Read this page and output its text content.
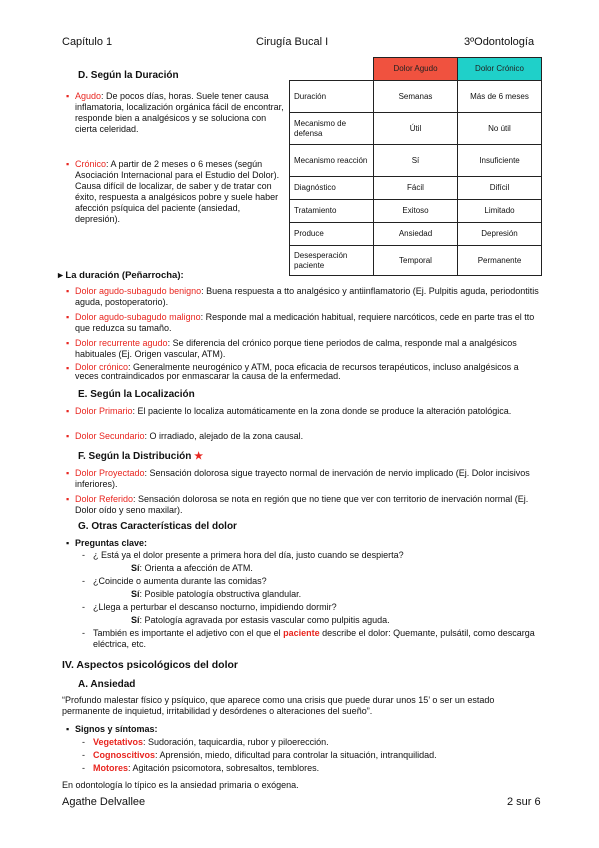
Capítulo 1	Cirugía Bucal I	3ºOdontología
D. Según la Duración
▪ Agudo: De pocos días, horas. Suele tener causa inflamatoria, localización orgánica fácil de encontrar, responde bien a analgésicos y se soluciona con cierta celeridad.
▪ Crónico: A partir de 2 meses o 6 meses (según Asociación Internacional para el Estudio del Dolor). Causa difícil de localizar, de saber y de tratar con éxito, respuesta a analgésicos pobre y suele haber afección psíquica del paciente (ansiedad, depresión).
	Dolor Agudo	Dolor Crónico
Duración	Semanas	Más de 6 meses
Mecanismo de defensa	Útil	No útil
Mecanismo reacción	Sí	Insuficiente
Diagnóstico	Fácil	Difícil
Tratamiento	Exitoso	Limitado
Produce	Ansiedad	Depresión
Desesperación paciente	Temporal	Permanente
▸ La duración (Peñarrocha):
▪ Dolor agudo-subagudo benigno: Buena respuesta a tto analgésico y antiinflamatorio (Ej. Pulpitis aguda, periodontitis aguda, postoperatorio).
▪ Dolor agudo-subagudo maligno: Responde mal a medicación habitual, requiere narcóticos, cede en parte tras el tto que reduzca su tamaño.
▪ Dolor recurrente agudo: Se diferencia del crónico porque tiene periodos de calma, responde mal a analgésicos habituales (Ej. Origen vascular, ATM).
▪ Dolor crónico: Generalmente neurogénico y ATM, poca eficacia de recursos terapéuticos, incluso analgésicos a veces contraindicados por enmascarar la causa de la enfermedad.
E. Según la Localización
▪ Dolor Primario: El paciente lo localiza automáticamente en la zona donde se produce la alteración patológica.
▪ Dolor Secundario: O irradiado, alejado de la zona causal.
F. Según la Distribución ★
▪ Dolor Proyectado: Sensación dolorosa sigue trayecto normal de inervación de nervio implicado (Ej. Dolor incisivos inferiores).
▪ Dolor Referido: Sensación dolorosa se nota en región que no tiene que ver con territorio de inervación normal (Ej. Dolor oído y seno maxilar).
G. Otras Características del dolor
▪ Preguntas clave:
- ¿ Está ya el dolor presente a primera hora del día, justo cuando se despierta?
Sí: Orienta a afección de ATM.
- ¿Coincide o aumenta durante las comidas?
Sí: Posible patología obstructiva glandular.
- ¿Llega a perturbar el descanso nocturno, impidiendo dormir?
Sí: Patología agravada por estasis vascular como pulpitis aguda.
- También es importante el adjetivo con el que el paciente describe el dolor: Quemante, pulsátil, como descarga eléctrica, etc.
IV. Aspectos psicológicos del dolor
A. Ansiedad
“Profundo malestar físico y psíquico, que aparece como una crisis que puede durar unos 15’ o ser un estado permanente de inquietud, irritabilidad y desórdenes o alteraciones del sueño”.
▪ Signos y síntomas:
- Vegetativos: Sudoración, taquicardia, rubor y piloerección.
- Cognoscitivos: Aprensión, miedo, dificultad para controlar la situación, intranquilidad.
- Motores: Agitación psicomotora, sobresaltos, temblores.
En odontología lo típico es la ansiedad primaria o exógena.
Agathe Delvallee	2 sur 6
